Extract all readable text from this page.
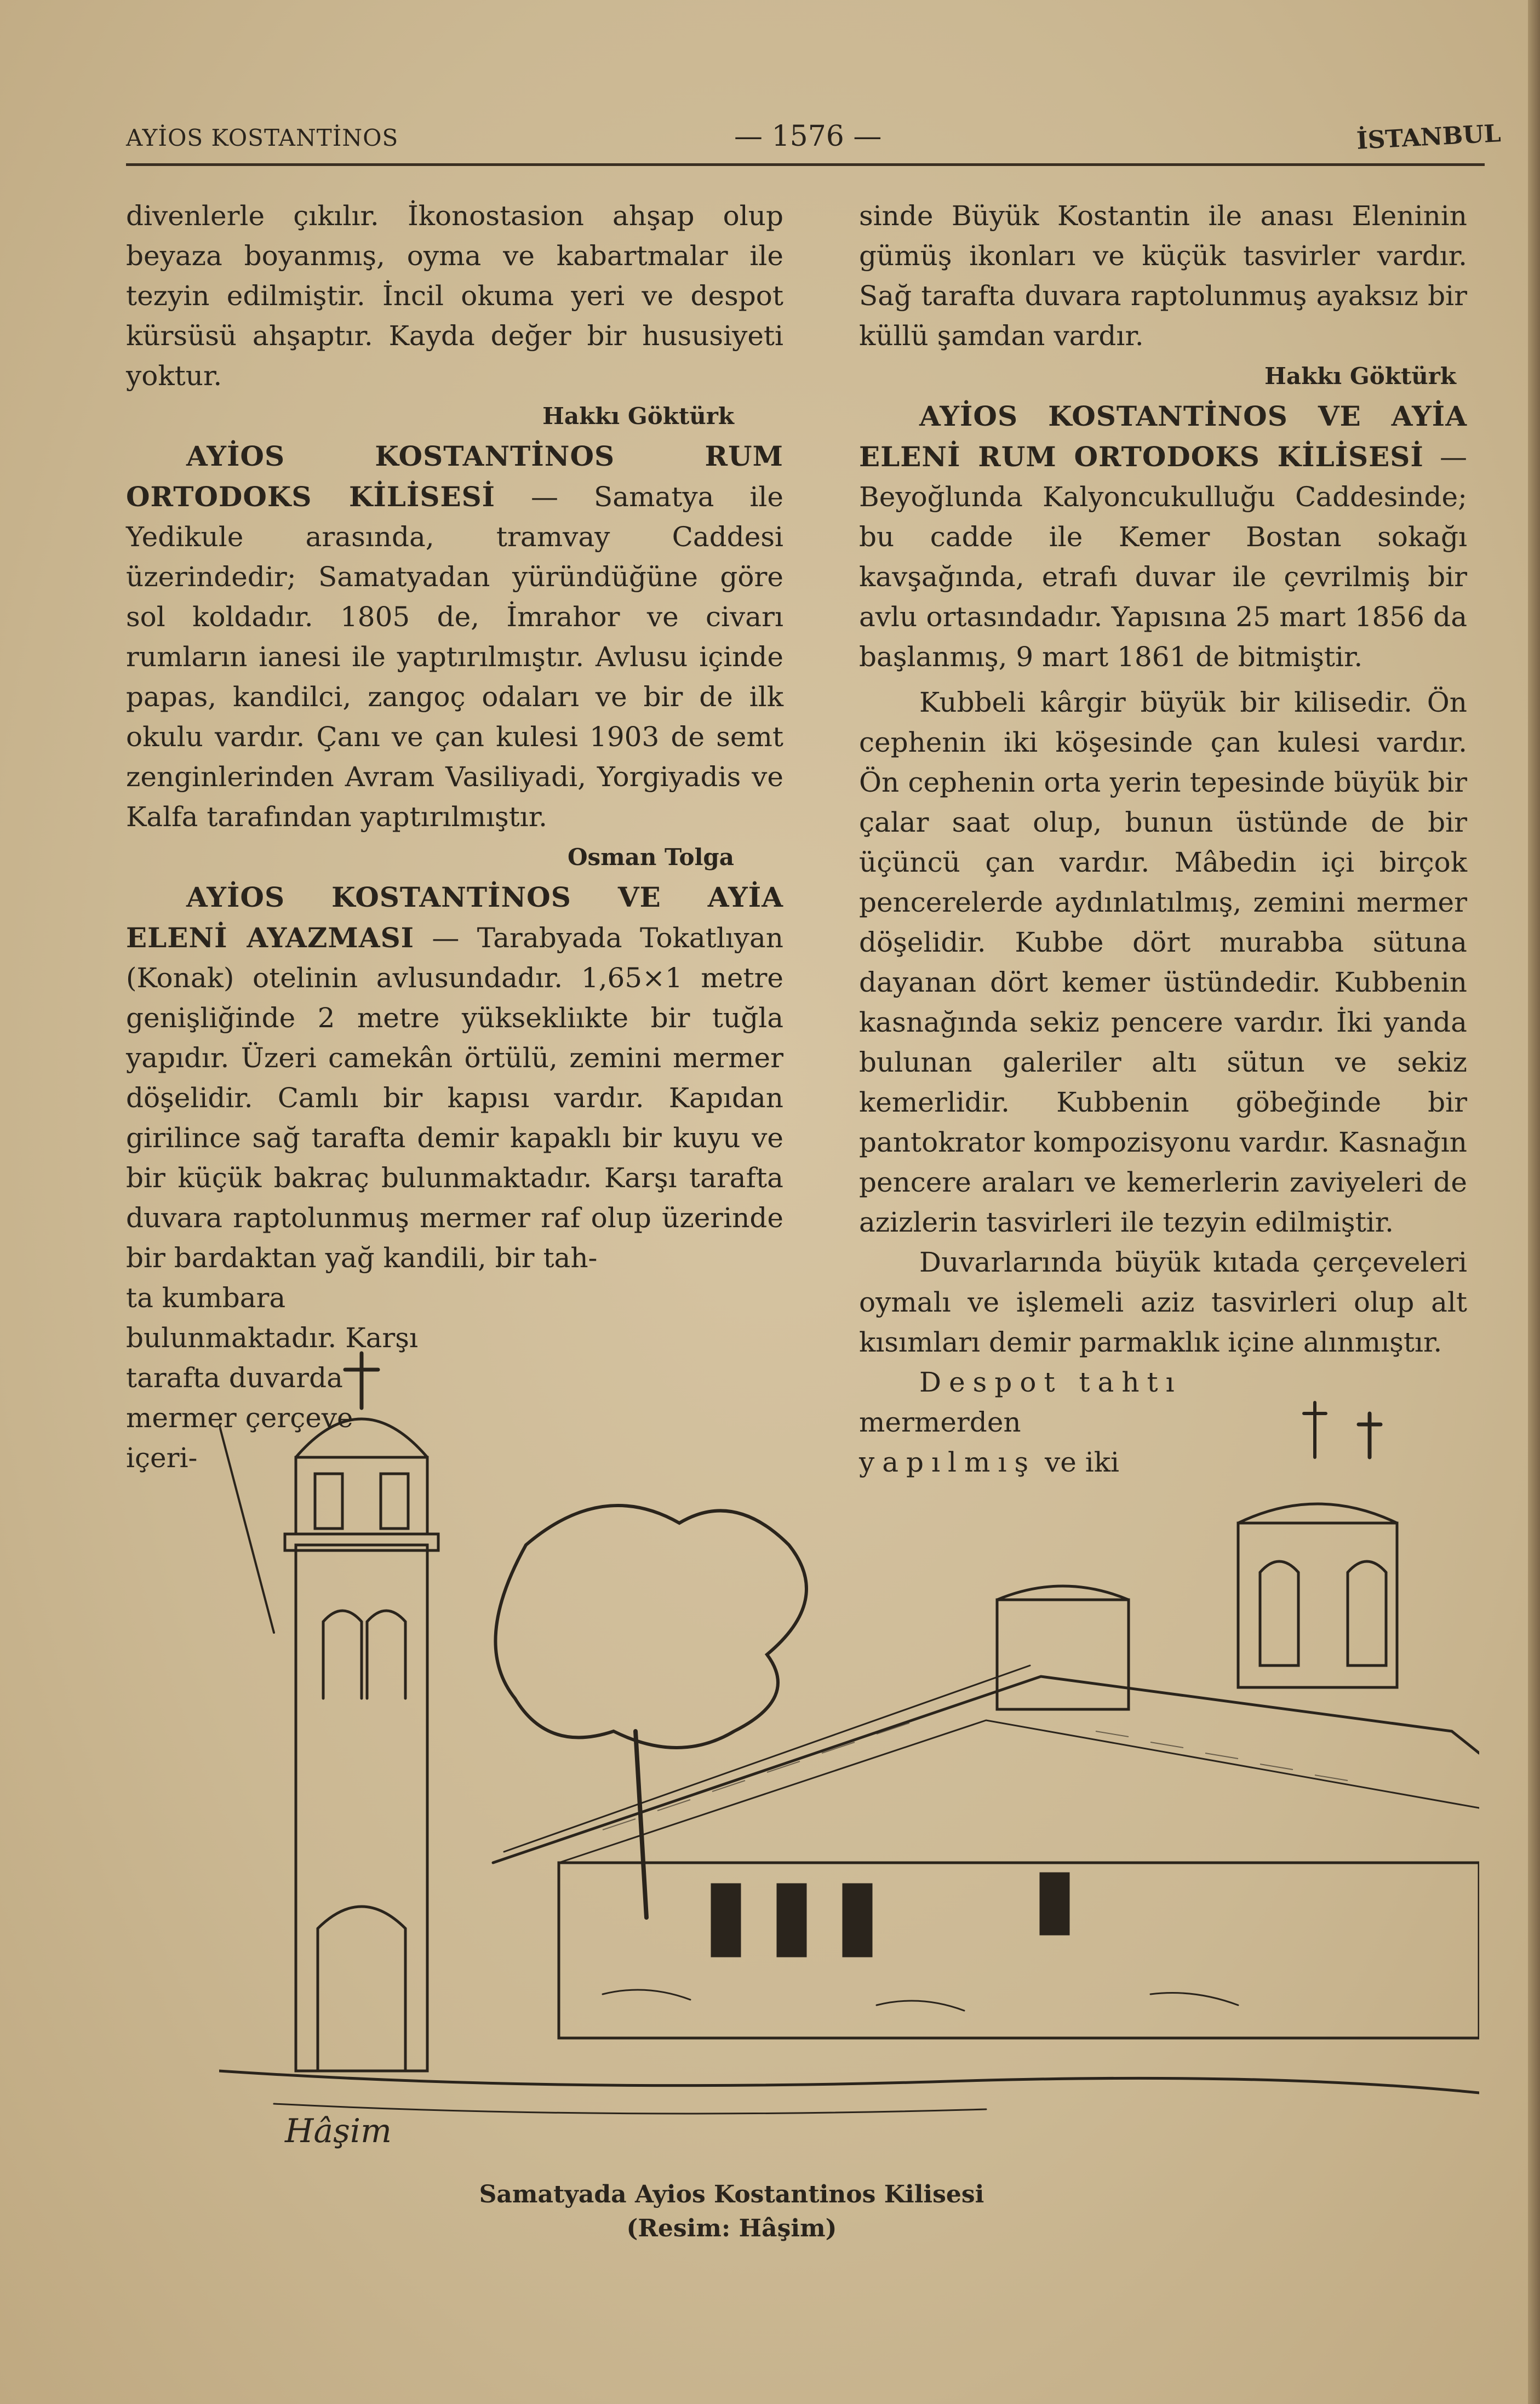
AYİOS KOSTANTİNOS	— 1576 —	İSTANBUL

divenlerle çıkılır. İkonostasion ahşap olup beyaza boyanmış, oyma ve kabartmalar ile tezyin edilmiştir. İncil okuma yeri ve despot kürsüsü ahşaptır. Kayda değer bir hususiyeti yoktur.

Hakkı Göktürk

AYİOS KOSTANTİNOS RUM ORTODOKS KİLİSESİ — Samatya ile Yedikule arasında, tramvay Caddesi üzerindedir; Samatyadan yüründüğüne göre sol koldadır. 1805 de, İmrahor ve civarı rumların ianesi ile yaptırılmıştır. Avlusu içinde papas, kandilci, zangoç odaları ve bir de ilk okulu vardır. Çanı ve çan kulesi 1903 de semt zenginlerinden Avram Vasiliyadi, Yorgiyadis ve Kalfa tarafından yaptırılmıştır.

Osman Tolga

AYİOS KOSTANTİNOS VE AYİA ELENİ AYAZMASI — Tarabyada Tokatlıyan (Konak) otelinin avlusundadır. 1,65×1 metre genişliğinde 2 metre yüksekliıkte bir tuğla yapıdır. Üzeri camekân örtülü, zemini mermer döşelidir. Camlı bir kapısı vardır. Kapıdan girilince sağ tarafta demir kapaklı bir kuyu ve bir küçük bakraç bulunmaktadır. Karşı tarafta duvara raptolunmuş mermer raf olup üzerinde bir bardaktan yağ kandili, bir tah-

ta kumbara bulunmaktadır. Karşı tarafta duvarda mermer çerçeve içeri-

sinde Büyük Kostantin ile anası Eleninin gümüş ikonları ve küçük tasvirler vardır. Sağ tarafta duvara raptolunmuş ayaksız bir küllü şamdan vardır.

Hakkı Göktürk

AYİOS KOSTANTİNOS VE AYİA ELENİ RUM ORTODOKS KİLİSESİ — Beyoğlunda Kalyoncukulluğu Caddesinde; bu cadde ile Kemer Bostan sokağı kavşağında, etrafı duvar ile çevrilmiş bir avlu ortasındadır. Yapısına 25 mart 1856 da başlanmış, 9 mart 1861 de bitmiştir.

Kubbeli kârgir büyük bir kilisedir. Ön cephenin iki köşesinde çan kulesi vardır. Ön cephenin orta yerin tepesinde büyük bir çalar saat olup, bunun üstünde de bir üçüncü çan vardır. Mâbedin içi birçok pencerelerde aydınlatılmış, zemini mermer döşelidir. Kubbe dört murabba sütuna dayanan dört kemer üstündedir. Kubbenin kasnağında sekiz pencere vardır. İki yanda bulunan galeriler altı sütun ve sekiz kemerlidir. Kubbenin göbeğinde bir pantokrator kompozisyonu vardır. Kasnağın pencere araları ve kemerlerin zaviyeleri de azizlerin tasvirleri ile tezyin edilmiştir.

Duvarlarında büyük kıtada çerçeveleri oymalı ve işlemeli aziz tasvirleri olup alt kısımları demir parmaklık içine alınmıştır.

Despot tahtı mermerden

yapılmış ve iki

Hâşim
Samatyada Ayios Kostantinos Kilisesi
(Resim: Hâşim)
